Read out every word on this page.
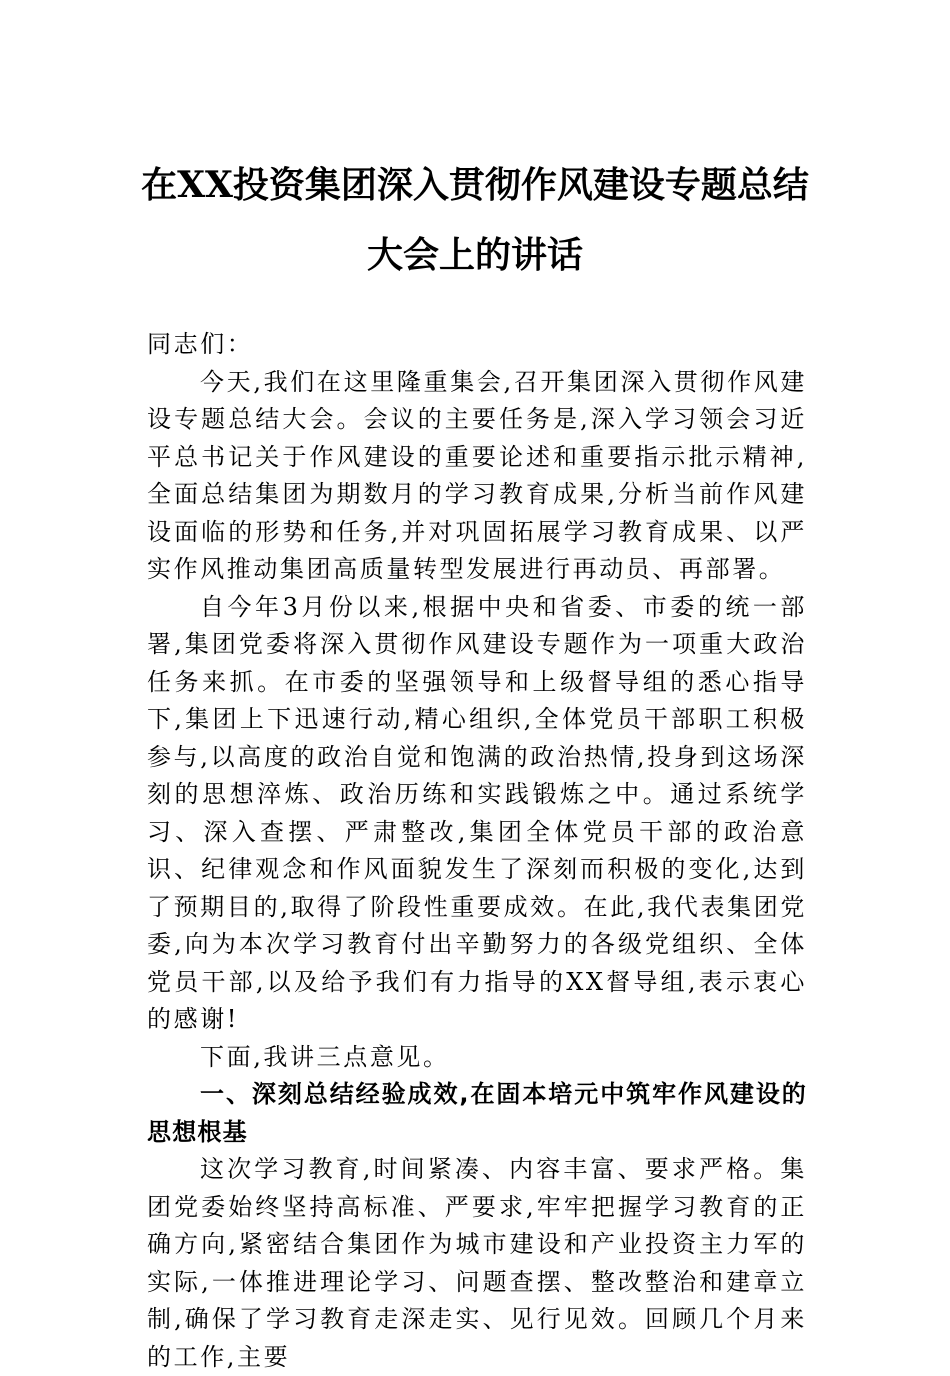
在XX投资集团深入贯彻作风建设专题总结
大会上的讲话

同志们：

今天,我们在这里隆重集会,召开集团深入贯彻作风建设专题总结大会。会议的主要任务是,深入学习领会习近平总书记关于作风建设的重要论述和重要指示批示精神,全面总结集团为期数月的学习教育成果,分析当前作风建设面临的形势和任务,并对巩固拓展学习教育成果、以严实作风推动集团高质量转型发展进行再动员、再部署。

自今年3月份以来,根据中央和省委、市委的统一部署,集团党委将深入贯彻作风建设专题作为一项重大政治任务来抓。在市委的坚强领导和上级督导组的悉心指导下,集团上下迅速行动,精心组织,全体党员干部职工积极参与,以高度的政治自觉和饱满的政治热情,投身到这场深刻的思想淬炼、政治历练和实践锻炼之中。通过系统学习、深入查摆、严肃整改,集团全体党员干部的政治意识、纪律观念和作风面貌发生了深刻而积极的变化,达到了预期目的,取得了阶段性重要成效。在此,我代表集团党委,向为本次学习教育付出辛勤努力的各级党组织、全体党员干部,以及给予我们有力指导的XX督导组,表示衷心的感谢!

下面,我讲三点意见。

一、深刻总结经验成效,在固本培元中筑牢作风建设的思想根基

这次学习教育,时间紧凑、内容丰富、要求严格。集团党委始终坚持高标准、严要求,牢牢把握学习教育的正确方向,紧密结合集团作为城市建设和产业投资主力军的实际,一体推进理论学习、问题查摆、整改整治和建章立制,确保了学习教育走深走实、见行见效。回顾几个月来的工作,主要
